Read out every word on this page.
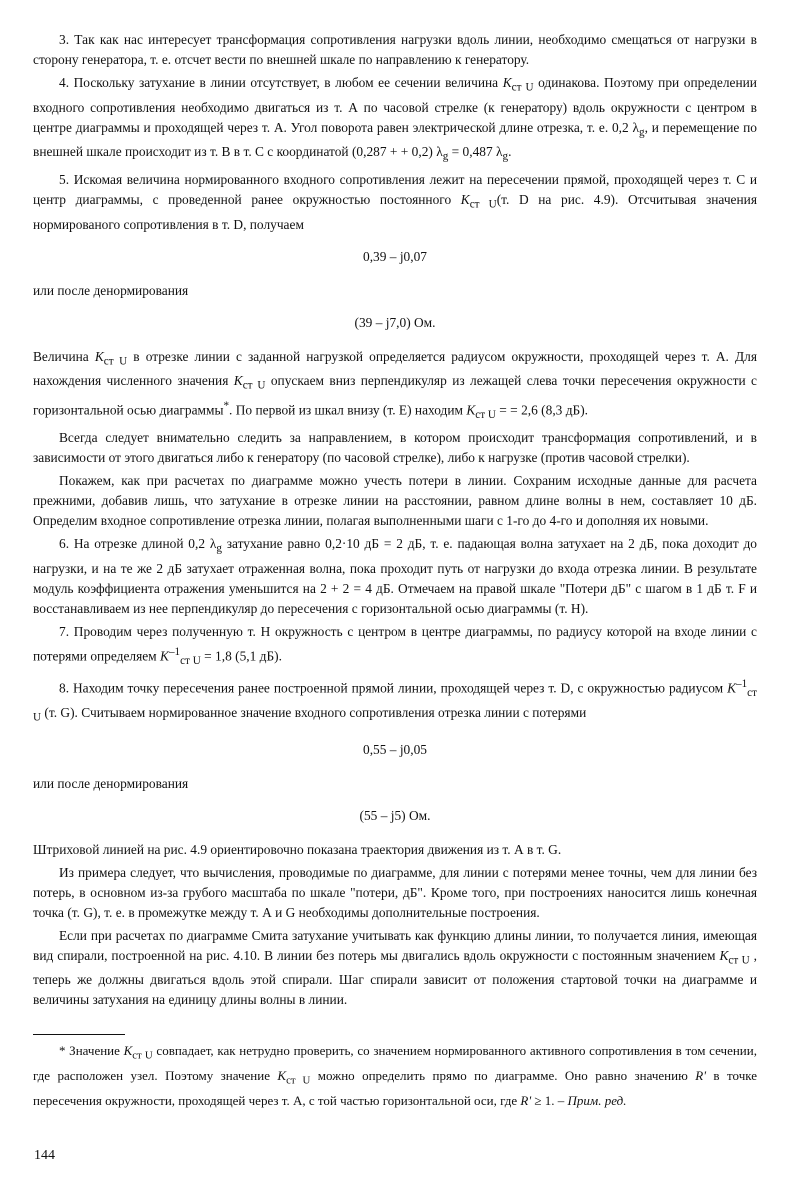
3. Так как нас интересует трансформация сопротивления нагрузки вдоль линии, необходимо смещаться от нагрузки в сторону генератора, т. е. отсчет вести по внешней шкале по направлению к генератору.

4. Поскольку затухание в линии отсутствует, в любом ее сечении величина $K_{ст U}$ одинакова. Поэтому при определении входного сопротивления необходимо двигаться из т. А по часовой стрелке (к генератору) вдоль окружности с центром в центре диаграммы и проходящей через т. А. Угол поворота равен электрической длине отрезка, т. е. 0,2 $\lambda_g$, и перемещение по внешней шкале происходит из т. В в т. С с координатой (0,287 + + 0,2) $\lambda_g = 0,487$ $\lambda_g$.

5. Искомая величина нормированного входного сопротивления лежит на пересечении прямой, проходящей через т. С и центр диаграммы, с проведенной ранее окружностью постоянного $K_{ст U}(т$. D на рис. 4.9). Отсчитывая значения нормированого сопротивления в т. D, получаем

0,39 – j0,07

или после денормирования

(39 – j7,0) Ом.

Величина $K_{ст U}$ в отрезке линии с заданной нагрузкой определяется радиусом окружности, проходящей через т. А. Для нахождения численного значения $K_{ст U}$ опускаем вниз перпендикуляр из лежащей слева точки пересечения окружности с горизонтальной осью диаграммы*. По первой из шкал внизу (т. Е) находим $K_{ст U}$ = = 2,6 (8,3 дБ).

Всегда следует внимательно следить за направлением, в котором происходит трансформация сопротивлений, и в зависимости от этого двигаться либо к генератору (по часовой стрелке), либо к нагрузке (против часовой стрелки).

Покажем, как при расчетах по диаграмме можно учесть потери в линии. Сохраним исходные данные для расчета прежними, добавив лишь, что затухание в отрезке линии на расстоянии, равном длине волны в нем, составляет 10 дБ. Определим входное сопротивление отрезка линии, полагая выполненными шаги с 1-го до 4-го и дополняя их новыми.

6. На отрезке длиной 0,2 $\lambda_g$ затухание равно 0,2·10 дБ = 2 дБ, т. е. падающая волна затухает на 2 дБ, пока доходит до нагрузки, и на те же 2 дБ затухает отраженная волна, пока проходит путь от нагрузки до входа отрезка линии. В результате модуль коэффициента отражения уменьшится на 2 + 2 = 4 дБ. Отмечаем на правой шкале "Потери дБ" с шагом в 1 дБ т. F и восстанавливаем из нее перпендикуляр до пересечения с горизонтальной осью диаграммы (т. Н).

7. Проводим через полученную т. Н окружность с центром в центре диаграммы, по радиусу которой на входе линии с потерями определяем $K^{-1}_{ст U} = 1,8$ (5,1 дБ).

8. Находим точку пересечения ранее построенной прямой линии, проходящей через т. D, с окружностью радиусом $K^{-1}_{ст U}$ (т. G). Считываем нормированное значение входного сопротивления отрезка линии с потерями

0,55 – j0,05

или после денормирования

(55 – j5) Ом.

Штриховой линией на рис. 4.9 ориентировочно показана траектория движения из т. А в т. G.

Из примера следует, что вычисления, проводимые по диаграмме, для линии с потерями менее точны, чем для линии без потерь, в основном из-за грубого масштаба по шкале "потери, дБ". Кроме того, при построениях наносится лишь конечная точка (т. G), т. е. в промежутке между т. А и G необходимы дополнительные построения.

Если при расчетах по диаграмме Смита затухание учитывать как функцию длины линии, то получается линия, имеющая вид спирали, построенной на рис. 4.10. В линии без потерь мы двигались вдоль окружности с постоянным значением $K_{ст U}$ , теперь же должны двигаться вдоль этой спирали. Шаг спирали зависит от положения стартовой точки на диаграмме и величины затухания на единицу длины волны в линии.

* Значение $K_{ст U}$ совпадает, как нетрудно проверить, со значением нормированного активного сопротивления в том сечении, где расположен узел. Поэтому значение $K_{ст U}$ можно определить прямо по диаграмме. Оно равно значению R' в точке пересечения окружности, проходящей через т. А, с той частью горизонтальной оси, где R' ≥ 1. – Прим. ред.

144
